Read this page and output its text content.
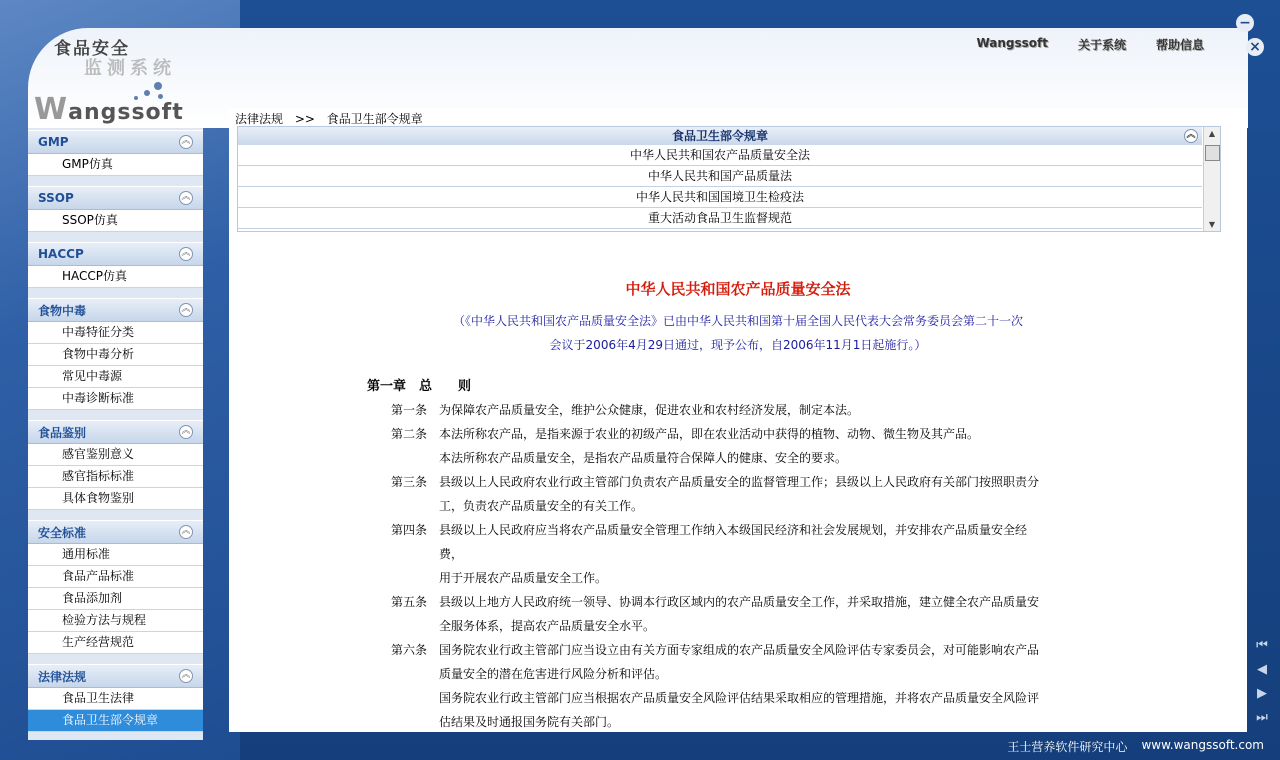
食品安全
监测系统
Wangssoft
Wangssoft	关于系统	帮助信息
−
×
GMP	︽
GMP仿真
SSOP	︽
SSOP仿真
HACCP	︽
HACCP仿真
食物中毒	︽
中毒特征分类
食物中毒分析
常见中毒源
中毒诊断标准
食品鉴别	︽
感官鉴别意义
感官指标标准
具体食物鉴别
安全标准	︽
通用标准
食品产品标准
食品添加剂
检验方法与规程
生产经营规范
法律法规	︽
食品卫生法律
食品卫生部令规章
法律法规 >> 食品卫生部令规章
食品卫生部令规章	︽
中华人民共和国农产品质量安全法
中华人民共和国产品质量法
中华人民共和国国境卫生检疫法
重大活动食品卫生监督规范
▲
▼
中华人民共和国农产品质量安全法
（《中华人民共和国农产品质量安全法》已由中华人民共和国第十届全国人民代表大会常务委员会第二十一次
会议于2006年4月29日通过，现予公布，自2006年11月1日起施行。）
第一章　总　　则
第一条 为保障农产品质量安全，维护公众健康，促进农业和农村经济发展，制定本法。
第二条 本法所称农产品，是指来源于农业的初级产品，即在农业活动中获得的植物、动物、微生物及其产品。
本法所称农产品质量安全，是指农产品质量符合保障人的健康、安全的要求。
第三条 县级以上人民政府农业行政主管部门负责农产品质量安全的监督管理工作；县级以上人民政府有关部门按照职责分
工，负责农产品质量安全的有关工作。
第四条 县级以上人民政府应当将农产品质量安全管理工作纳入本级国民经济和社会发展规划，并安排农产品质量安全经费，
用于开展农产品质量安全工作。
第五条 县级以上地方人民政府统一领导、协调本行政区域内的农产品质量安全工作，并采取措施，建立健全农产品质量安
全服务体系，提高农产品质量安全水平。
第六条 国务院农业行政主管部门应当设立由有关方面专家组成的农产品质量安全风险评估专家委员会，对可能影响农产品
质量安全的潜在危害进行风险分析和评估。
国务院农业行政主管部门应当根据农产品质量安全风险评估结果采取相应的管理措施，并将农产品质量安全风险评
估结果及时通报国务院有关部门。
⏮
◀
▶
⏭
王士营养软件研究中心 www.wangssoft.com
